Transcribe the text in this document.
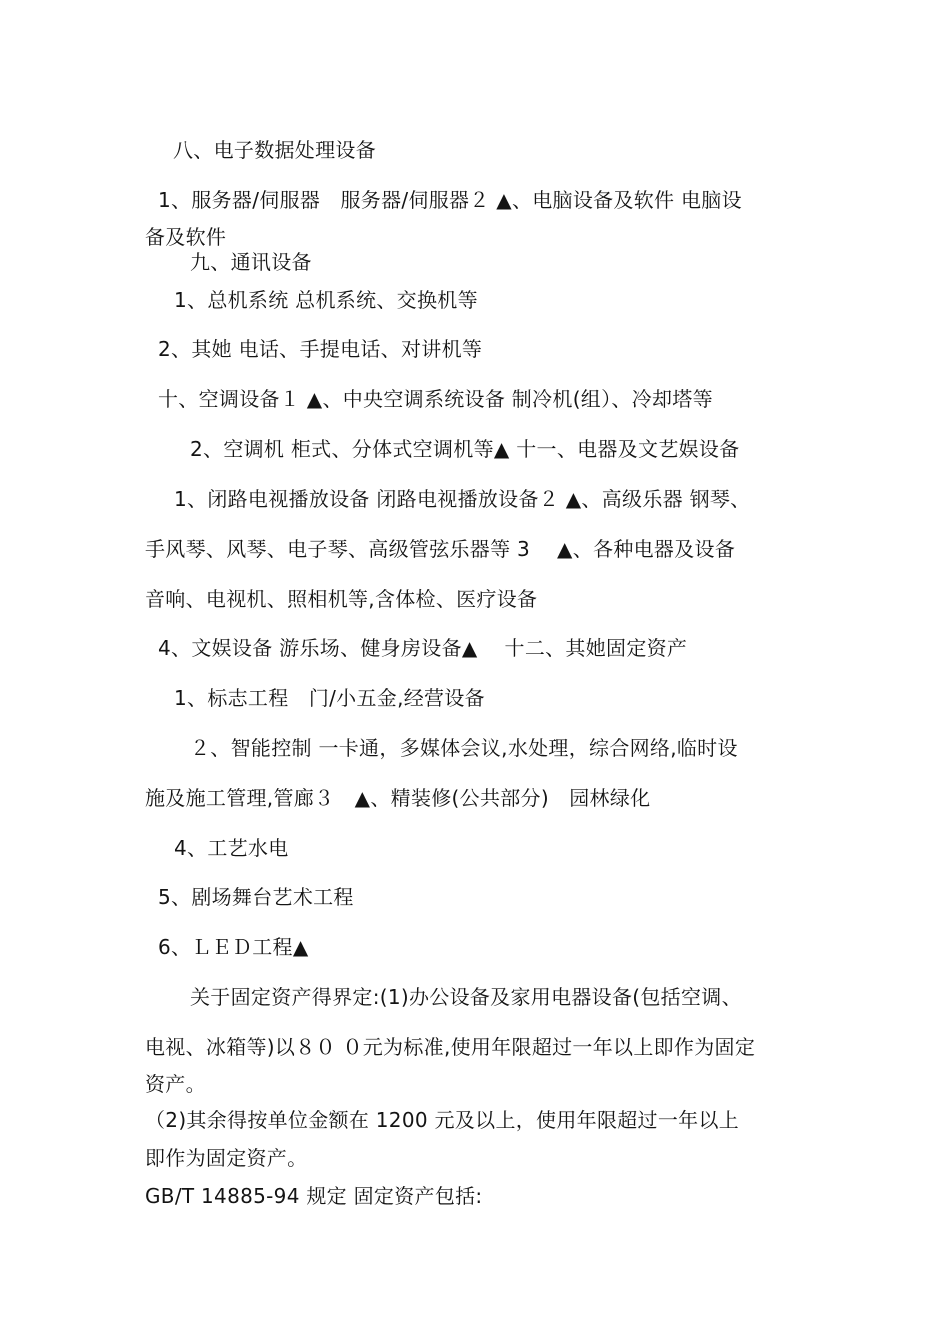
八、电子数据处理设备
1、服务器/伺服器　服务器/伺服器２ ▲、电脑设备及软件 电脑设
备及软件
九、通讯设备
1、总机系统 总机系统、交换机等
2、其她 电话、手提电话、对讲机等
十、空调设备１ ▲、中央空调系统设备 制冷机(组）、冷却塔等
2、空调机 柜式、分体式空调机等▲ 十一、电器及文艺娱设备
1、闭路电视播放设备 闭路电视播放设备２ ▲、高级乐器 钢琴、
手风琴、风琴、电子琴、高级管弦乐器等 3　 ▲、各种电器及设备
音响、电视机、照相机等,含体检、医疗设备
4、文娱设备 游乐场、健身房设备▲　 十二、其她固定资产
1、标志工程　门/小五金,经营设备
２、智能控制 一卡通，多媒体会议,水处理，综合网络,临时设
施及施工管理,管廊３　▲、精装修(公共部分)　园林绿化
4、工艺水电
5、剧场舞台艺术工程
6、ＬＥＤ工程▲
关于固定资产得界定:(1)办公设备及家用电器设备(包括空调、
电视、冰箱等)以８０ ０元为标准,使用年限超过一年以上即作为固定
资产。
（2)其余得按单位金额在 1200 元及以上，使用年限超过一年以上
即作为固定资产。
GB/T 14885-94 规定 固定资产包括:
